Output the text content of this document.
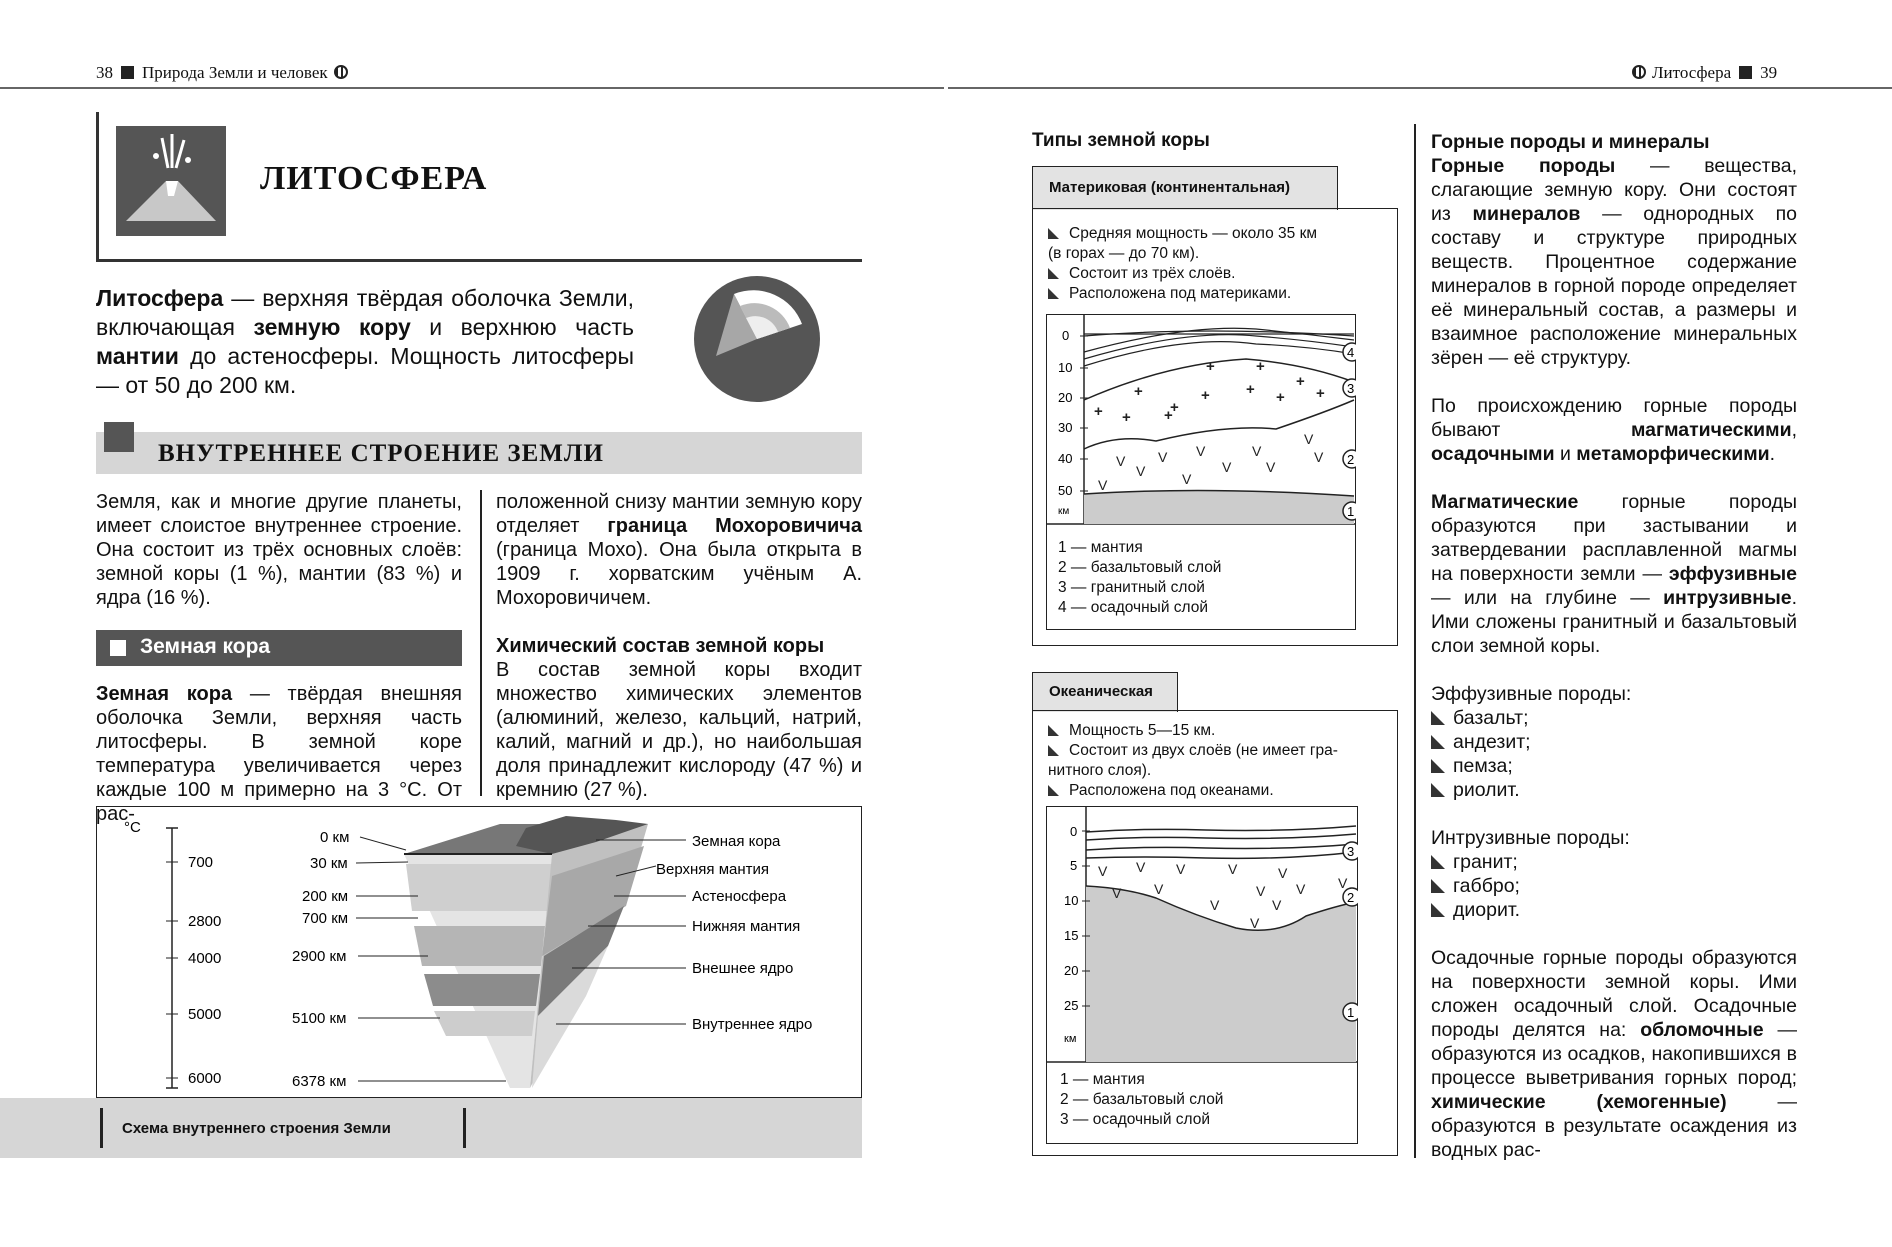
38 Природа Земли и человек	Литосфера 39
ЛИТОСФЕРА
Литосфера — верхняя твёрдая оболочка Земли, включающая земную кору и верхнюю часть мантии до астеносферы. Мощность литосферы — от 50 до 200 км.
ВНУТРЕННЕЕ СТРОЕНИЕ ЗЕМЛИ
Земля, как и многие другие планеты, имеет слоистое внутреннее строение. Она состоит из трёх основных слоёв: земной коры (1 %), мантии (83 %) и ядра (16 %).
Земная кора
Земная кора — твёрдая внешняя оболочка Земли, верхняя часть литосферы. В земной коре температура увеличивается через каждые 100 м примерно на 3 °С. От рас-
положенной снизу мантии земную кору отделяет граница Мохоровичича (граница Мохо). Она была открыта в 1909 г. хорватским учёным А. Мохоровичичем.
Химический состав земной коры
В состав земной коры входит множество химических элементов (алюминий, железо, кальций, натрий, калий, магний и др.), но наибольшая доля принадлежит кислороду (47 %) и кремнию (27 %).
°С
700
2800
4000
5000
6000
0 км
30 км
200 км
700 км
2900 км
5100 км
6378 км
Земная кора
Верхняя мантия
Астеносфера
Нижняя мантия
Внешнее ядро
Внутреннее ядро
Схема внутреннего строения Земли
Типы земной коры
Материковая (континентальная)
Средняя мощность — около 35 км
(в горах — до 70 км).
Состоит из трёх слоёв.
Расположена под материками.
+	+
+
+	+ + + +
+
+ + +
V V V	V
V
V	V V
V
V	V
0
10
20
30
40
50
км
4
3
2
1
1 — мантия
2 — базальтовый слой
3 — гранитный слой
4 — осадочный слой
Океаническая
Мощность 5—15 км.
Состоит из двух слоёв (не имеет гра-
нитного слоя).
Расположена под океанами.
V V V	V	V
V V	V V V
V	V
V
0
5
10
15
20
25
км
3
2
1
1 — мантия
2 — базальтовый слой
3 — осадочный слой
Горные породы и минералы
Горные породы — вещества, слагающие земную кору. Они состоят из минералов — однородных по составу и структуре природных веществ. Процентное содержание минералов в горной породе определяет её минеральный состав, а размеры и взаимное расположение минеральных зёрен — её структуру.
По происхождению горные породы бывают магматическими, осадочными и метаморфическими.
Магматические горные породы образуются при застывании и затвердевании расплавленной магмы на поверхности земли — эффузивные — или на глубине — интрузивные. Ими сложены гранитный и базальтовый слои земной коры.
Эффузивные породы:
базальт;
андезит;
пемза;
риолит.
Интрузивные породы:
гранит;
габбро;
диорит.
Осадочные горные породы образуются на поверхности земной коры. Ими сложен осадочный слой. Осадочные породы делятся на: обломочные — образуются из осадков, накопившихся в процессе выветривания горных пород; химические (хемогенные) — образуются в результате осаждения из водных рас-
